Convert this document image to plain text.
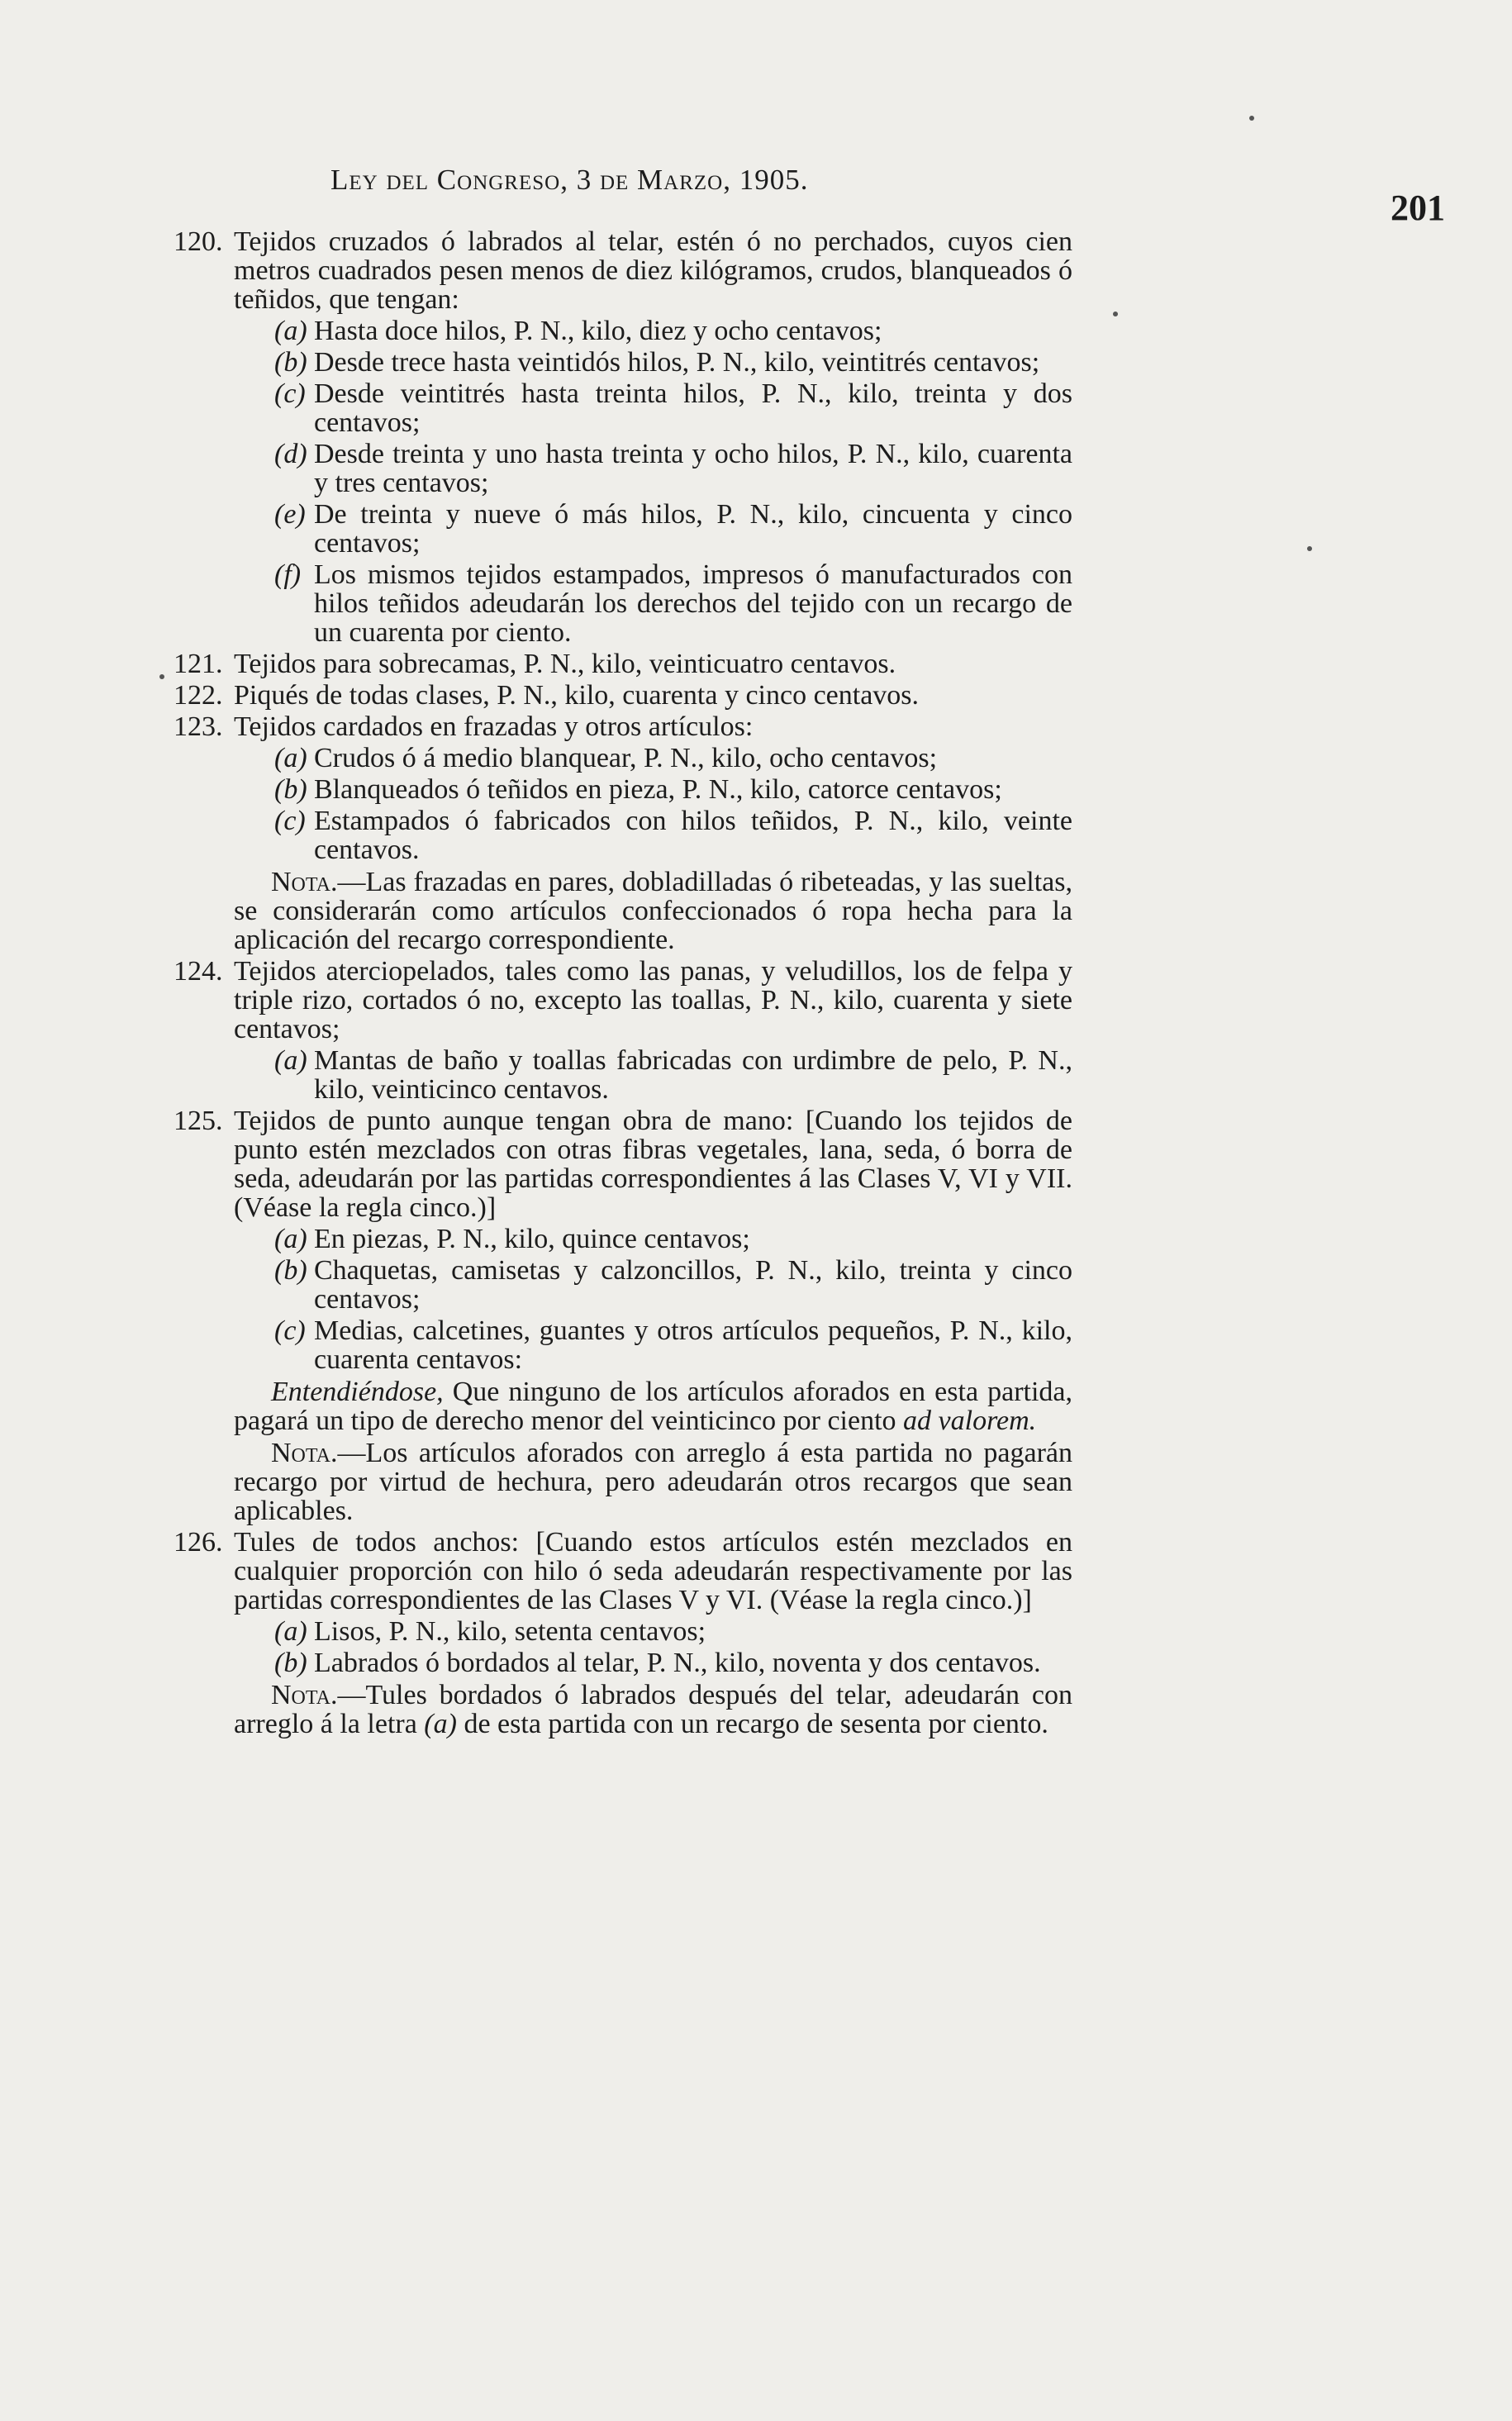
Ley del Congreso, 3 de Marzo, 1905.
201
120. Tejidos cruzados ó labrados al telar, estén ó no perchados, cuyos cien metros cuadrados pesen menos de diez kilógramos, crudos, blanqueados ó teñidos, que tengan:

(a) Hasta doce hilos, P. N., kilo, diez y ocho centavos;
(b) Desde trece hasta veintidós hilos, P. N., kilo, veintitrés centavos;
(c) Desde veintitrés hasta treinta hilos, P. N., kilo, treinta y dos centavos;
(d) Desde treinta y uno hasta treinta y ocho hilos, P. N., kilo, cuarenta y tres centavos;
(e) De treinta y nueve ó más hilos, P. N., kilo, cincuenta y cinco centavos;
(f) Los mismos tejidos estampados, impresos ó manufacturados con hilos teñidos adeudarán los derechos del tejido con un recargo de un cuarenta por ciento.
121. Tejidos para sobrecamas, P. N., kilo, veinticuatro centavos.

122. Piqués de todas clases, P. N., kilo, cuarenta y cinco centavos.

123. Tejidos cardados en frazadas y otros artículos:

(a) Crudos ó á medio blanquear, P. N., kilo, ocho centavos;
(b) Blanqueados ó teñidos en pieza, P. N., kilo, catorce centavos;
(c) Estampados ó fabricados con hilos teñidos, P. N., kilo, veinte centavos.

Nota.—Las frazadas en pares, dobladilladas ó ribeteadas, y las sueltas, se considerarán como artículos confeccionados ó ropa hecha para la aplicación del recargo correspondiente.

124. Tejidos aterciopelados, tales como las panas, y veludillos, los de felpa y triple rizo, cortados ó no, excepto las toallas, P. N., kilo, cuarenta y siete centavos;

(a) Mantas de baño y toallas fabricadas con urdimbre de pelo, P. N., kilo, veinticinco centavos.
125. Tejidos de punto aunque tengan obra de mano: [Cuando los tejidos de punto estén mezclados con otras fibras vegetales, lana, seda, ó borra de seda, adeudarán por las partidas correspondientes á las Clases V, VI y VII. (Véase la regla cinco.)]

(a) En piezas, P. N., kilo, quince centavos;
(b) Chaquetas, camisetas y calzoncillos, P. N., kilo, treinta y cinco centavos;
(c) Medias, calcetines, guantes y otros artículos pequeños, P. N., kilo, cuarenta centavos:

Entendiéndose, Que ninguno de los artículos aforados en esta partida, pagará un tipo de derecho menor del veinticinco por ciento ad valorem.

Nota.—Los artículos aforados con arreglo á esta partida no pagarán recargo por virtud de hechura, pero adeudarán otros recargos que sean aplicables.

126. Tules de todos anchos: [Cuando estos artículos estén mezclados en cualquier proporción con hilo ó seda adeudarán respectivamente por las partidas correspondientes de las Clases V y VI. (Véase la regla cinco.)]

(a) Lisos, P. N., kilo, setenta centavos;
(b) Labrados ó bordados al telar, P. N., kilo, noventa y dos centavos.

Nota.—Tules bordados ó labrados después del telar, adeudarán con arreglo á la letra (a) de esta partida con un recargo de sesenta por ciento.
